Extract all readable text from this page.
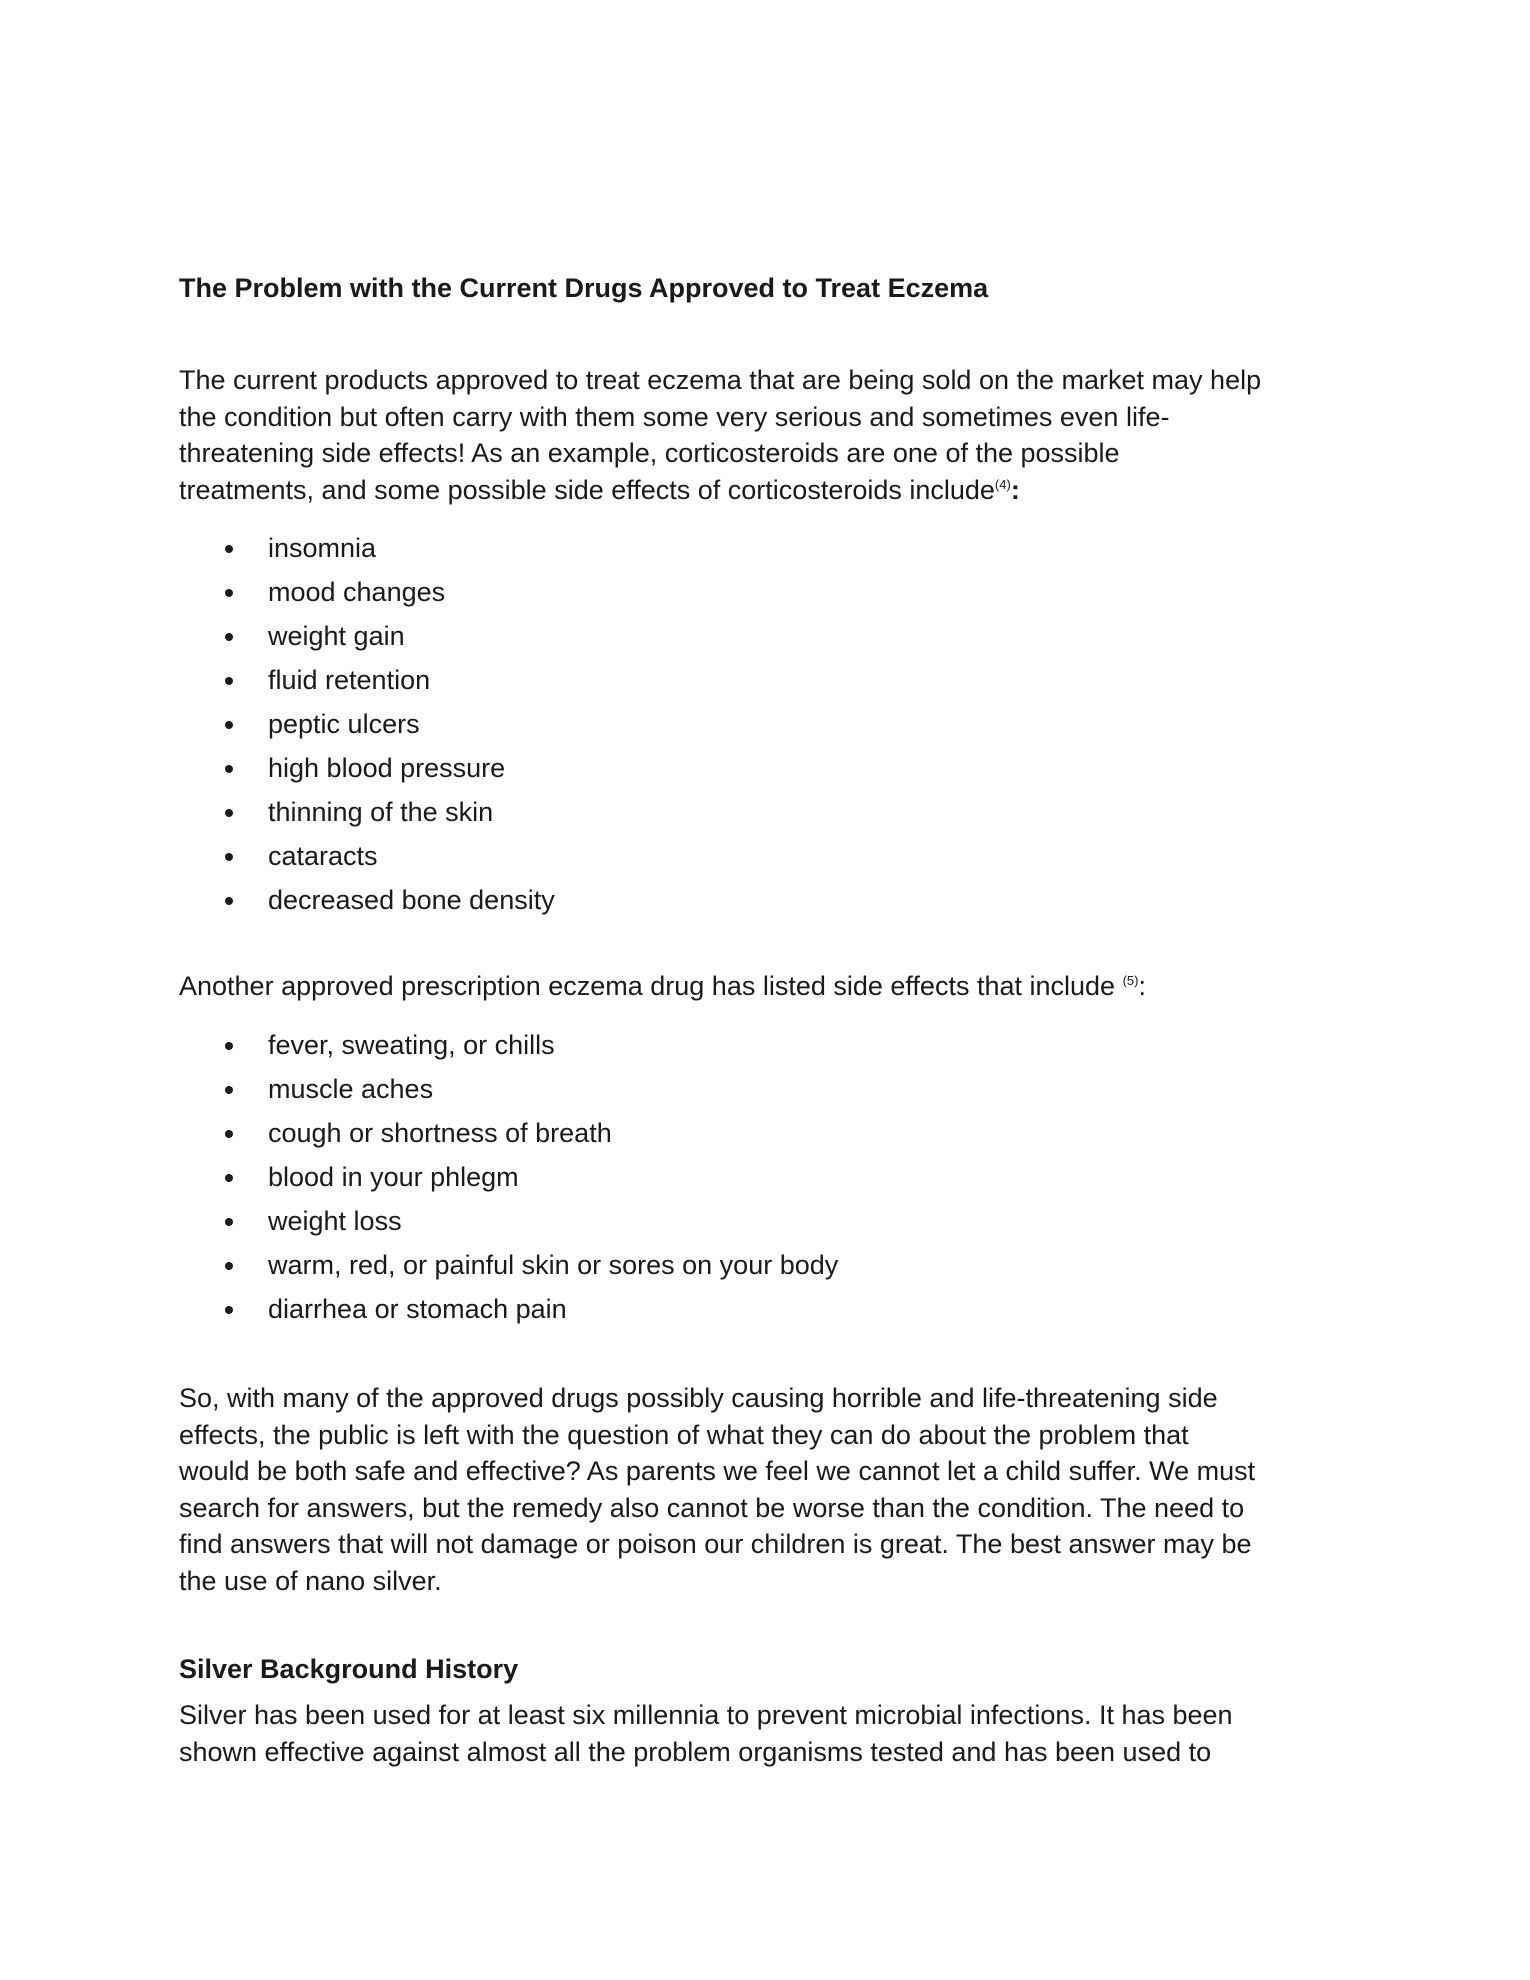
The Problem with the Current Drugs Approved to Treat Eczema

The current products approved to treat eczema that are being sold on the market may help
the condition but often carry with them some very serious and sometimes even life-
threatening side effects! As an example, corticosteroids are one of the possible
treatments, and some possible side effects of corticosteroids include$^{(4)}$:

insomnia
mood changes
weight gain
fluid retention
peptic ulcers
high blood pressure
thinning of the skin
cataracts
decreased bone density

Another approved prescription eczema drug has listed side effects that include $^{(5)}$:

fever, sweating, or chills
muscle aches
cough or shortness of breath
blood in your phlegm
weight loss
warm, red, or painful skin or sores on your body
diarrhea or stomach pain

So, with many of the approved drugs possibly causing horrible and life-threatening side
effects, the public is left with the question of what they can do about the problem that
would be both safe and effective? As parents we feel we cannot let a child suffer. We must
search for answers, but the remedy also cannot be worse than the condition. The need to
find answers that will not damage or poison our children is great. The best answer may be
the use of nano silver.

Silver Background History

Silver has been used for at least six millennia to prevent microbial infections. It has been
shown effective against almost all the problem organisms tested and has been used to
